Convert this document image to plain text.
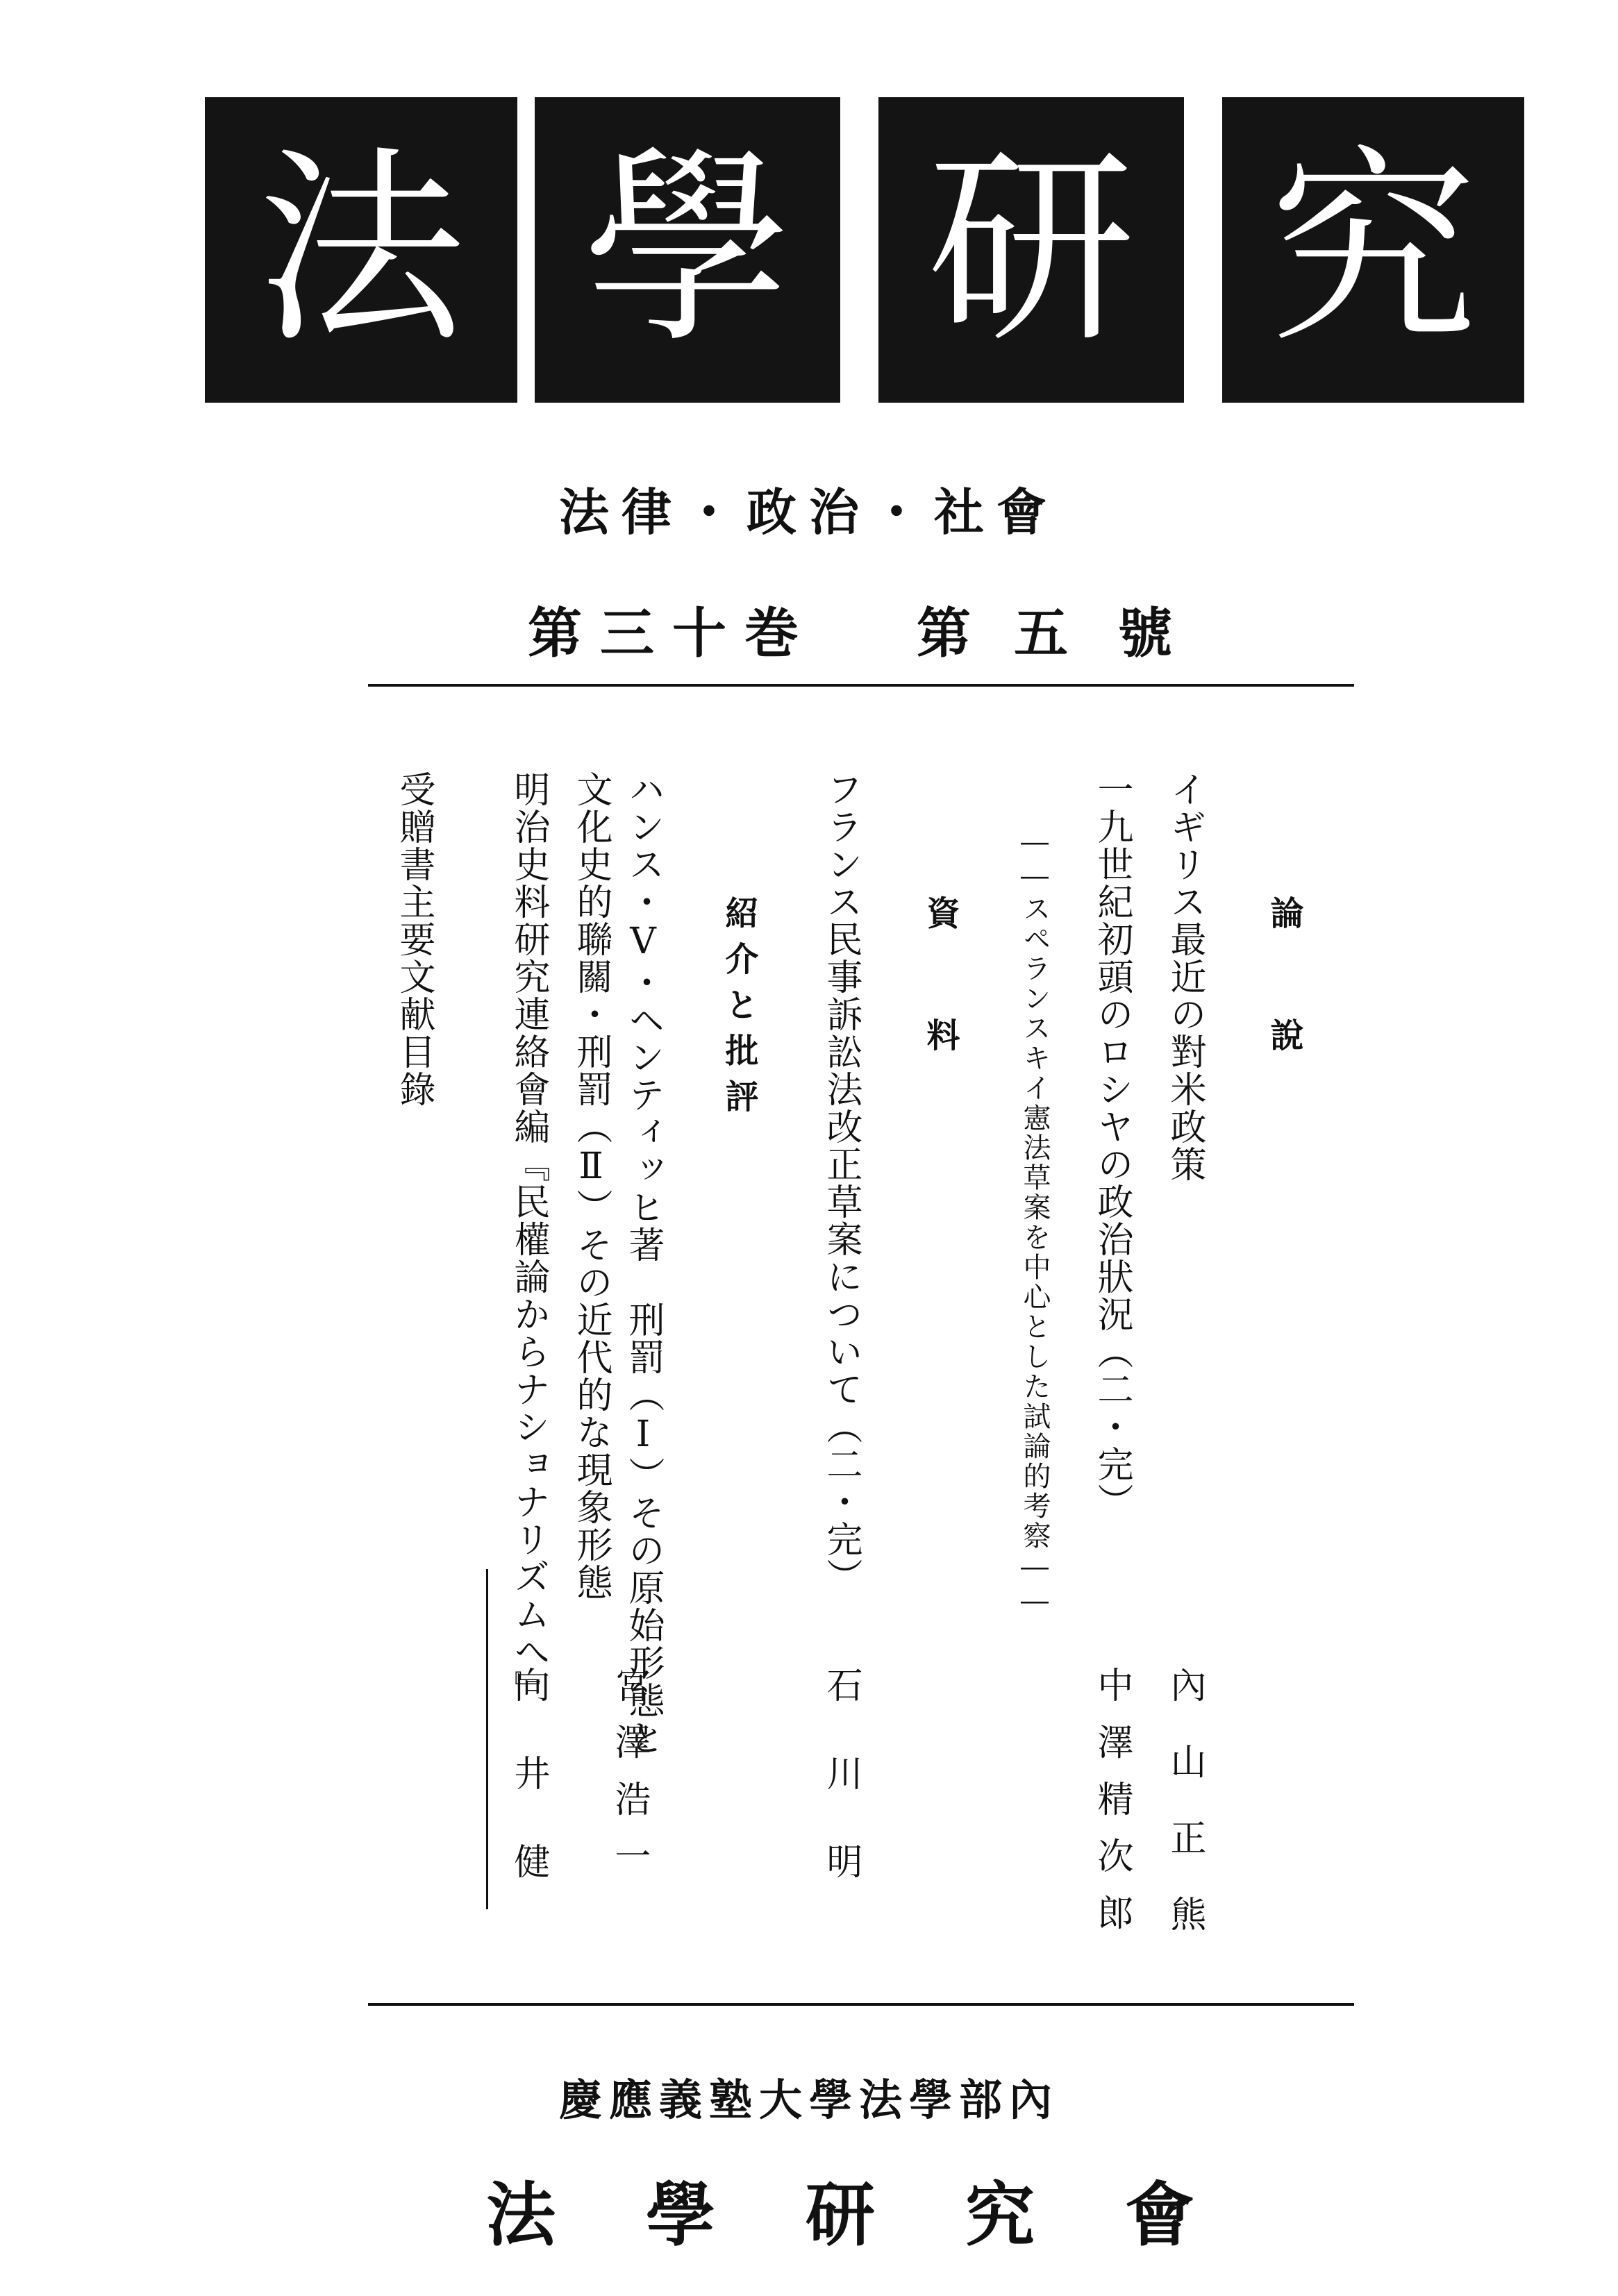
法 學 研 究
法律・政治・社會
第三十巻 第 五 號
論　說
イギリス最近の對米政策
內山正熊
一九世紀初頭のロシヤの政治狀況（二・完）
――スペランスキイ憲法草案を中心とした試論的考察――
中澤精次郎
資　料
フランス民事訴訟法改正草案について（二・完）
石川明
紹介と批評
ハンス・V・ヘンティッヒ著　刑罰（Ⅰ）その原始形態と
文化史的聯關・刑罰（Ⅱ）その近代的な現象形態
宮澤浩一
明治史料研究連絡會編『民權論からナショナリズムへ』
向井健
受贈書主要文献目錄
慶應義塾大學法學部內
法 學 研 究 會
